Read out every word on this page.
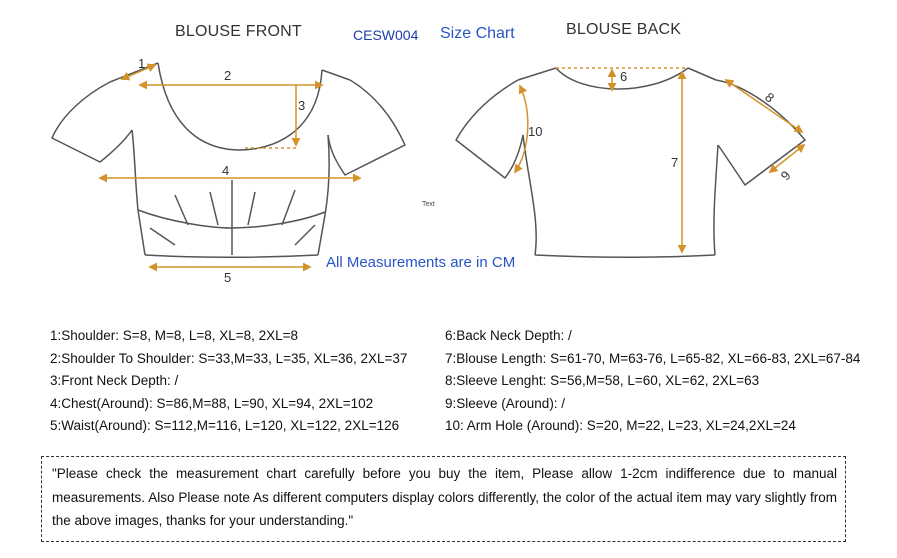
BLOUSE FRONT	CESW004 Size Chart	BLOUSE BACK
1
2
3
4
5
6
7
8
9
10
Text
All Measurements are in CM
1:Shoulder: S=8, M=8, L=8, XL=8, 2XL=8
2:Shoulder To Shoulder: S=33,M=33, L=35, XL=36, 2XL=37
3:Front Neck Depth: /
4:Chest(Around): S=86,M=88, L=90, XL=94, 2XL=102
5:Waist(Around): S=112,M=116, L=120, XL=122, 2XL=126
6:Back Neck Depth: /
7:Blouse Length: S=61-70, M=63-76, L=65-82, XL=66-83, 2XL=67-84
8:Sleeve Lenght: S=56,M=58, L=60, XL=62, 2XL=63
9:Sleeve (Around): /
10: Arm Hole (Around): S=20, M=22, L=23, XL=24,2XL=24
"Please check the measurement chart carefully before you buy the item, Please allow 1-2cm indifference due to manual measurements. Also Please note As different computers display colors differently, the color of the actual item may vary slightly from the above images, thanks for your understanding."
